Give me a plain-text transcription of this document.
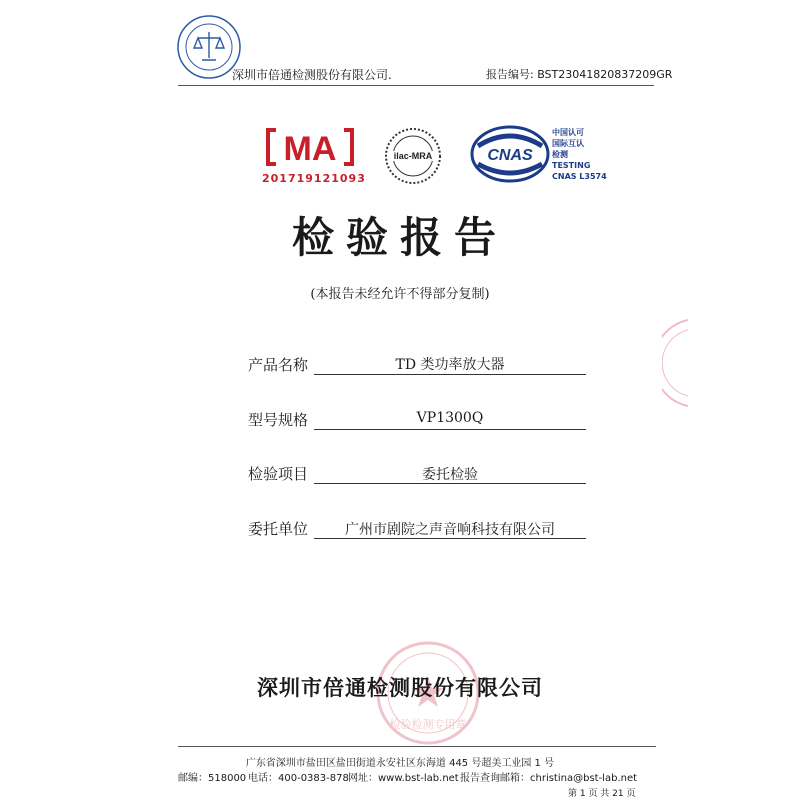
深圳市倍通检测股份有限公司.	报告编号: BST23041820837209GR
MA
201719121093
ilac-MRA	CNAS
中国认可
国际互认
检测
TESTING
CNAS L3574
检验报告
(本报告未经允许不得部分复制)
产品名称	TD 类功率放大器
型号规格	VP1300Q
检验项目	委托检验
委托单位	广州市剧院之声音响科技有限公司
检验检测专用章
深圳市倍通检测股份有限公司
广东省深圳市盐田区盐田街道永安社区东海道 445 号超美工业园 1 号
邮编：518000 电话：400-0383-878 网址：www.bst-lab.net 报告查询邮箱：christina@bst-lab.net
第 1 页 共 21 页
